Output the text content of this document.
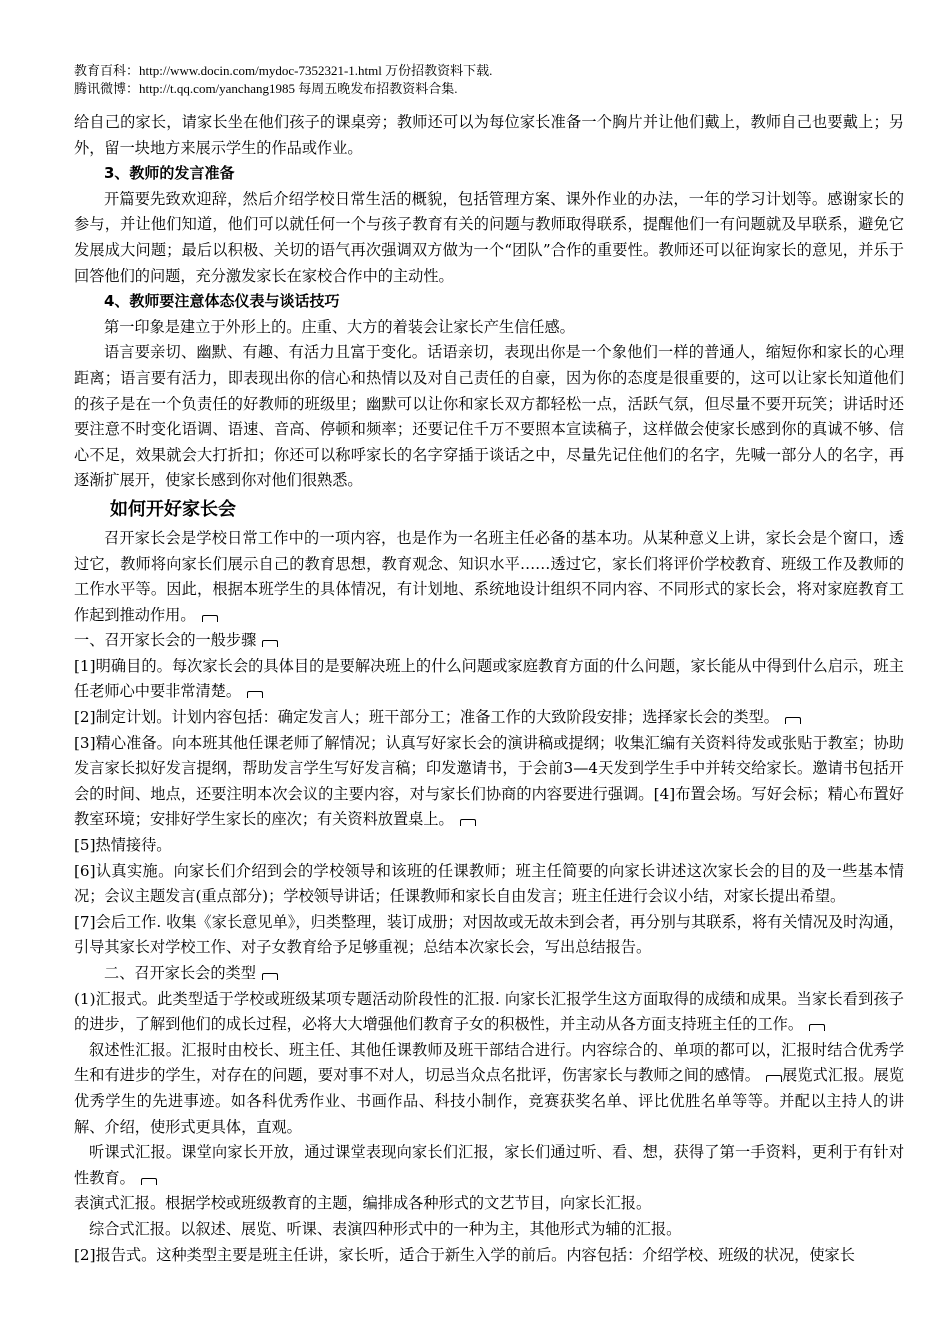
教育百科：http://www.docin.com/mydoc-7352321-1.html 万份招教资料下载.
腾讯微博：http://t.qq.com/yanchang1985 每周五晚发布招教资料合集.

给自己的家长，请家长坐在他们孩子的课桌旁；教师还可以为每位家长准备一个胸片并让他们戴上，教师自己也要戴上；另外，留一块地方来展示学生的作品或作业。

3、教师的发言准备

开篇要先致欢迎辞，然后介绍学校日常生活的概貌，包括管理方案、课外作业的办法，一年的学习计划等。感谢家长的参与，并让他们知道，他们可以就任何一个与孩子教育有关的问题与教师取得联系，提醒他们一有问题就及早联系，避免它发展成大问题；最后以积极、关切的语气再次强调双方做为一个“团队”合作的重要性。教师还可以征询家长的意见，并乐于回答他们的问题，充分激发家长在家校合作中的主动性。

4、教师要注意体态仪表与谈话技巧

第一印象是建立于外形上的。庄重、大方的着装会让家长产生信任感。

语言要亲切、幽默、有趣、有活力且富于变化。话语亲切，表现出你是一个象他们一样的普通人，缩短你和家长的心理距离；语言要有活力，即表现出你的信心和热情以及对自己责任的自豪，因为你的态度是很重要的，这可以让家长知道他们的孩子是在一个负责任的好教师的班级里；幽默可以让你和家长双方都轻松一点，活跃气氛，但尽量不要开玩笑；讲话时还要注意不时变化语调、语速、音高、停顿和频率；还要记住千万不要照本宣读稿子，这样做会使家长感到你的真诚不够、信心不足，效果就会大打折扣；你还可以称呼家长的名字穿插于谈话之中，尽量先记住他们的名字，先喊一部分人的名字，再逐渐扩展开，使家长感到你对他们很熟悉。

如何开好家长会

召开家长会是学校日常工作中的一项内容，也是作为一名班主任必备的基本功。从某种意义上讲，家长会是个窗口，透过它，教师将向家长们展示自己的教育思想，教育观念、知识水平……透过它，家长们将评价学校教育、班级工作及教师的工作水平等。因此，根据本班学生的具体情况，有计划地、系统地设计组织不同内容、不同形式的家长会，将对家庭教育工作起到推动作用。

一、召开家长会的一般步骤

[1]明确目的。每次家长会的具体目的是要解决班上的什么问题或家庭教育方面的什么问题，家长能从中得到什么启示，班主任老师心中要非常清楚。

[2]制定计划。计划内容包括：确定发言人；班干部分工；准备工作的大致阶段安排；选择家长会的类型。

[3]精心准备。向本班其他任课老师了解情况；认真写好家长会的演讲稿或提纲；收集汇编有关资料待发或张贴于教室；协助发言家长拟好发言提纲，帮助发言学生写好发言稿；印发邀请书，于会前3—4天发到学生手中并转交给家长。邀请书包括开会的时间、地点，还要注明本次会议的主要内容，对与家长们协商的内容要进行强调。[4]布置会场。写好会标；精心布置好教室环境；安排好学生家长的座次；有关资料放置桌上。

[5]热情接待。

[6]认真实施。向家长们介绍到会的学校领导和该班的任课教师；班主任简要的向家长讲述这次家长会的目的及一些基本情况；会议主题发言(重点部分)；学校领导讲话；任课教师和家长自由发言；班主任进行会议小结，对家长提出希望。

[7]会后工作. 收集《家长意见单》，归类整理，装订成册；对因故或无故未到会者，再分别与其联系，将有关情况及时沟通，引导其家长对学校工作、对子女教育给予足够重视；总结本次家长会，写出总结报告。

二、召开家长会的类型

(1)汇报式。此类型适于学校或班级某项专题活动阶段性的汇报. 向家长汇报学生这方面取得的成绩和成果。当家长看到孩子的进步，了解到他们的成长过程，必将大大增强他们教育子女的积极性，并主动从各方面支持班主任的工作。

叙述性汇报。汇报时由校长、班主任、其他任课教师及班干部结合进行。内容综合的、单项的都可以，汇报时结合优秀学生和有进步的学生，对存在的问题，要对事不对人，切忌当众点名批评，伤害家长与教师之间的感情。 展览式汇报。展览优秀学生的先进事迹。如各科优秀作业、书画作品、科技小制作，竞赛获奖名单、评比优胜名单等等。并配以主持人的讲解、介绍，使形式更具体，直观。

听课式汇报。课堂向家长开放，通过课堂表现向家长们汇报，家长们通过听、看、想，获得了第一手资料，更利于有针对性教育。

表演式汇报。根据学校或班级教育的主题，编排成各种形式的文艺节目，向家长汇报。

综合式汇报。以叙述、展览、听课、表演四种形式中的一种为主，其他形式为辅的汇报。

[2]报告式。这种类型主要是班主任讲，家长听，适合于新生入学的前后。内容包括：介绍学校、班级的状况，使家长
